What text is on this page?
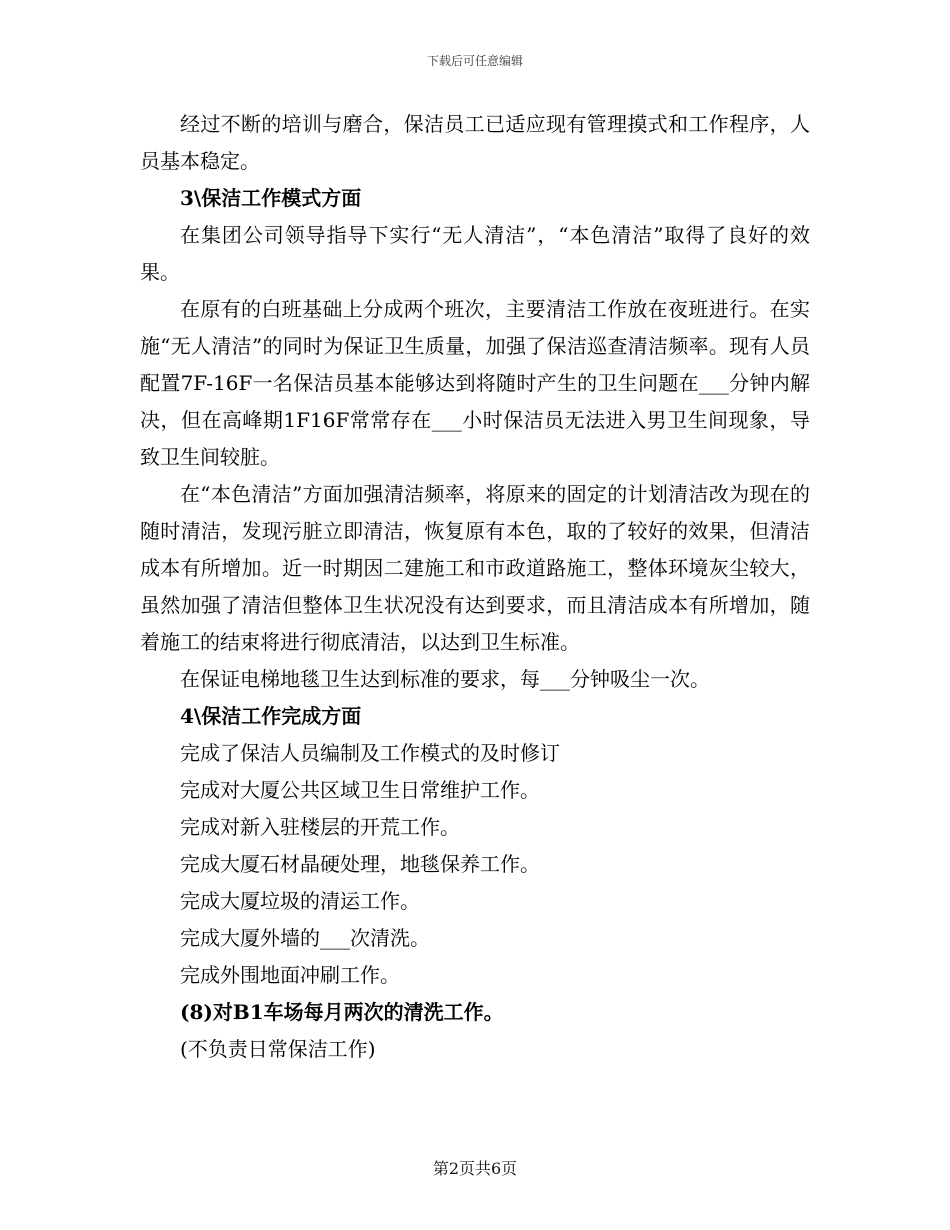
下载后可任意编辑

经过不断的培训与磨合，保洁员工已适应现有管理摸式和工作程序，人员基本稳定。

3\保洁工作模式方面

在集团公司领导指导下实行“无人清洁”，“本色清洁”取得了良好的效果。

在原有的白班基础上分成两个班次，主要清洁工作放在夜班进行。在实施“无人清洁”的同时为保证卫生质量，加强了保洁巡查清洁频率。现有人员配置7F-16F一名保洁员基本能够达到将随时产生的卫生问题在___分钟内解决，但在高峰期1F16F常常存在___小时保洁员无法进入男卫生间现象，导致卫生间较脏。

在“本色清洁”方面加强清洁频率，将原来的固定的计划清洁改为现在的随时清洁，发现污脏立即清洁，恢复原有本色，取的了较好的效果，但清洁成本有所增加。近一时期因二建施工和市政道路施工，整体环境灰尘较大，虽然加强了清洁但整体卫生状况没有达到要求，而且清洁成本有所增加，随着施工的结束将进行彻底清洁，以达到卫生标准。

在保证电梯地毯卫生达到标准的要求，每___分钟吸尘一次。

4\保洁工作完成方面

完成了保洁人员编制及工作模式的及时修订

完成对大厦公共区域卫生日常维护工作。

完成对新入驻楼层的开荒工作。

完成大厦石材晶硬处理，地毯保养工作。

完成大厦垃圾的清运工作。

完成大厦外墙的___次清洗。

完成外围地面冲刷工作。

(8)对B1车场每月两次的清洗工作。

(不负责日常保洁工作)

第2页共6页
